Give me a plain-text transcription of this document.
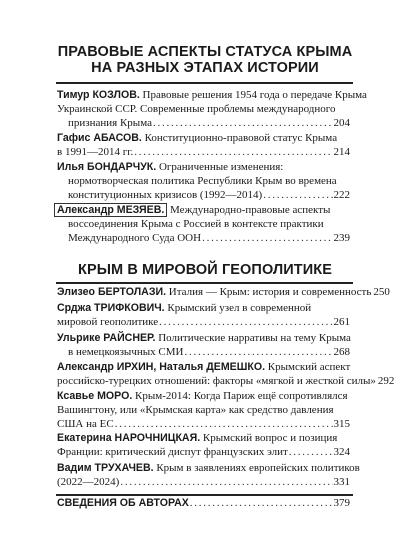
ПРАВОВЫЕ АСПЕКТЫ СТАТУСА КРЫМА
НА РАЗНЫХ ЭТАПАХ ИСТОРИИ
Тимур КОЗЛОВ. Правовые решения 1954 года о передаче Крыма
Украинской ССР. Современные проблемы международного
признания Крыма . . .	204
Гафис АБАСОВ. Конституционно-правовой статус Крыма
в 1991—2014 гг. . . .	214
Илья БОНДАРЧУК. Ограниченные изменения:
нормотворческая политика Республики Крым во времена
конституционных кризисов (1992—2014) . . .	222
Александр МЕЗЯЕВ. Международно-правовые аспекты
воссоединения Крыма с Россией в контексте практики
Международного Суда ООН . . .	239
КРЫМ В МИРОВОЙ ГЕОПОЛИТИКЕ
Элизео БЕРТОЛАЗИ. Италия — Крым: история и современность 250
Срджа ТРИФКОВИЧ. Крымский узел в современной
мировой геополитике . . .	261
Ульрике РАЙСНЕР. Политические нарративы на тему Крыма
в немецкоязычных СМИ . . .	268
Александр ИРХИН, Наталья ДЕМЕШКО. Крымский аспект
российско-турецких отношений: факторы «мягкой и жесткой силы» 292
Ксавье МОРО. Крым-2014: Когда Париж ещё сопротивлялся
Вашингтону, или «Крымская карта» как средство давления
США на ЕС . . .	315
Екатерина НАРОЧНИЦКАЯ. Крымский вопрос и позиция
Франции: критический диспут французских элит . . .	324
Вадим ТРУХАЧЕВ. Крым в заявлениях европейских политиков
(2022—2024) . . .	331
СВЕДЕНИЯ ОБ АВТОРАХ . . .	379
